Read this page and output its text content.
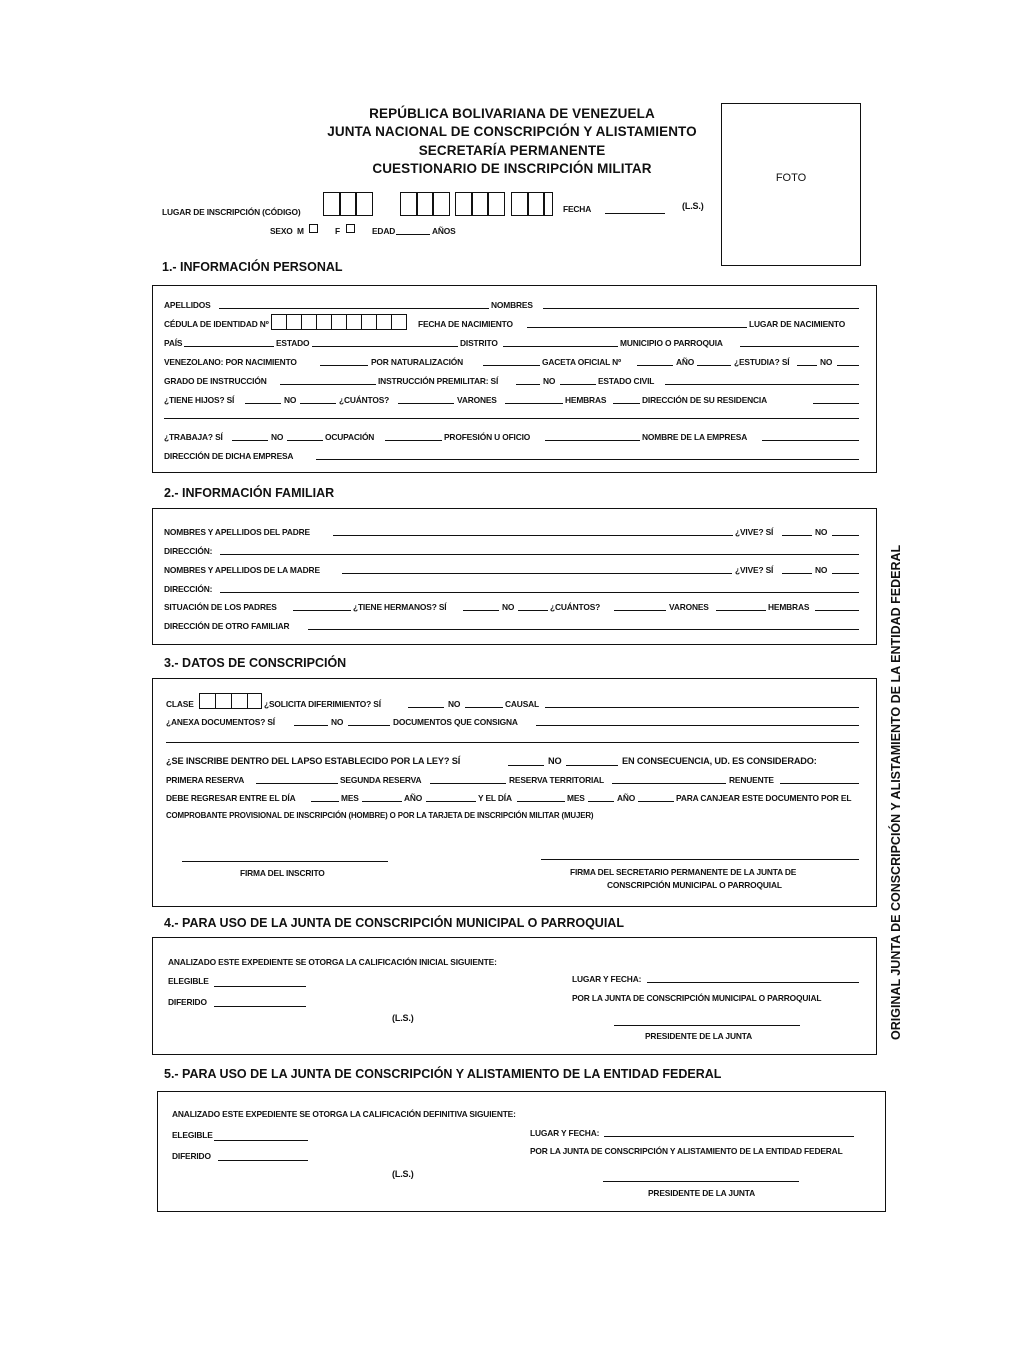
REPÚBLICA BOLIVARIANA DE VENEZUELA
JUNTA NACIONAL DE CONSCRIPCIÓN Y ALISTAMIENTO
SECRETARÍA PERMANENTE
CUESTIONARIO DE INSCRIPCIÓN MILITAR
FOTO
LUGAR DE INSCRIPCIÓN (CÓDIGO)	FECHA	(L.S.)
SEXO M	F	EDAD	AÑOS
1.- INFORMACIÓN PERSONAL
APELLIDOS	NOMBRES
CÉDULA DE IDENTIDAD Nº	FECHA DE NACIMIENTO	LUGAR DE NACIMIENTO
PAÍS	ESTADO	DISTRITO	MUNICIPIO O PARROQUIA
VENEZOLANO: POR NACIMIENTO	POR NATURALIZACIÓN	GACETA OFICIAL Nº	AÑO	¿ESTUDIA? SÍ	NO
GRADO DE INSTRUCCIÓN	INSTRUCCIÓN PREMILITAR: SÍ	NO	ESTADO CIVIL
¿TIENE HIJOS? SÍ	NO	¿CUÁNTOS?	VARONES	HEMBRAS	DIRECCIÓN DE SU RESIDENCIA
¿TRABAJA? SÍ	NO	OCUPACIÓN	PROFESIÓN U OFICIO	NOMBRE DE LA EMPRESA
DIRECCIÓN DE DICHA EMPRESA
2.- INFORMACIÓN FAMILIAR
NOMBRES Y APELLIDOS DEL PADRE	¿VIVE? SÍ	NO
DIRECCIÓN:
NOMBRES Y APELLIDOS DE LA MADRE	¿VIVE? SÍ	NO
DIRECCIÓN:
SITUACIÓN DE LOS PADRES	¿TIENE HERMANOS? SÍ	NO	¿CUÁNTOS?	VARONES	HEMBRAS
DIRECCIÓN DE OTRO FAMILIAR
3.- DATOS DE CONSCRIPCIÓN
CLASE	¿SOLICITA DIFERIMIENTO? SÍ	NO	CAUSAL
¿ANEXA DOCUMENTOS? SÍ	NO	DOCUMENTOS QUE CONSIGNA
¿SE INSCRIBE DENTRO DEL LAPSO ESTABLECIDO POR LA LEY? SÍ	NO	EN CONSECUENCIA, UD. ES CONSIDERADO:
PRIMERA RESERVA	SEGUNDA RESERVA	RESERVA TERRITORIAL	RENUENTE
DEBE REGRESAR ENTRE EL DÍA	MES	AÑO	Y EL DÍA	MES	AÑO	PARA CANJEAR ESTE DOCUMENTO POR EL
COMPROBANTE PROVISIONAL DE INSCRIPCIÓN (HOMBRE) O POR LA TARJETA DE INSCRIPCIÓN MILITAR (MUJER)
FIRMA DEL INSCRITO	FIRMA DEL SECRETARIO PERMANENTE DE LA JUNTA DE
CONSCRIPCIÓN MUNICIPAL O PARROQUIAL
4.- PARA USO DE LA JUNTA DE CONSCRIPCIÓN MUNICIPAL O PARROQUIAL
ANALIZADO ESTE EXPEDIENTE SE OTORGA LA CALIFICACIÓN INICIAL SIGUIENTE:
ELEGIBLE
DIFERIDO
LUGAR Y FECHA:
POR LA JUNTA DE CONSCRIPCIÓN MUNICIPAL O PARROQUIAL
(L.S.)
PRESIDENTE DE LA JUNTA
5.- PARA USO DE LA JUNTA DE CONSCRIPCIÓN Y ALISTAMIENTO DE LA ENTIDAD FEDERAL
ANALIZADO ESTE EXPEDIENTE SE OTORGA LA CALIFICACIÓN DEFINITIVA SIGUIENTE:
ELEGIBLE
DIFERIDO
LUGAR Y FECHA:
POR LA JUNTA DE CONSCRIPCIÓN Y ALISTAMIENTO DE LA ENTIDAD FEDERAL
(L.S.)
PRESIDENTE DE LA JUNTA
ORIGINAL JUNTA DE CONSCRIPCIÓN Y ALISTAMIENTO DE LA ENTIDAD FEDERAL
